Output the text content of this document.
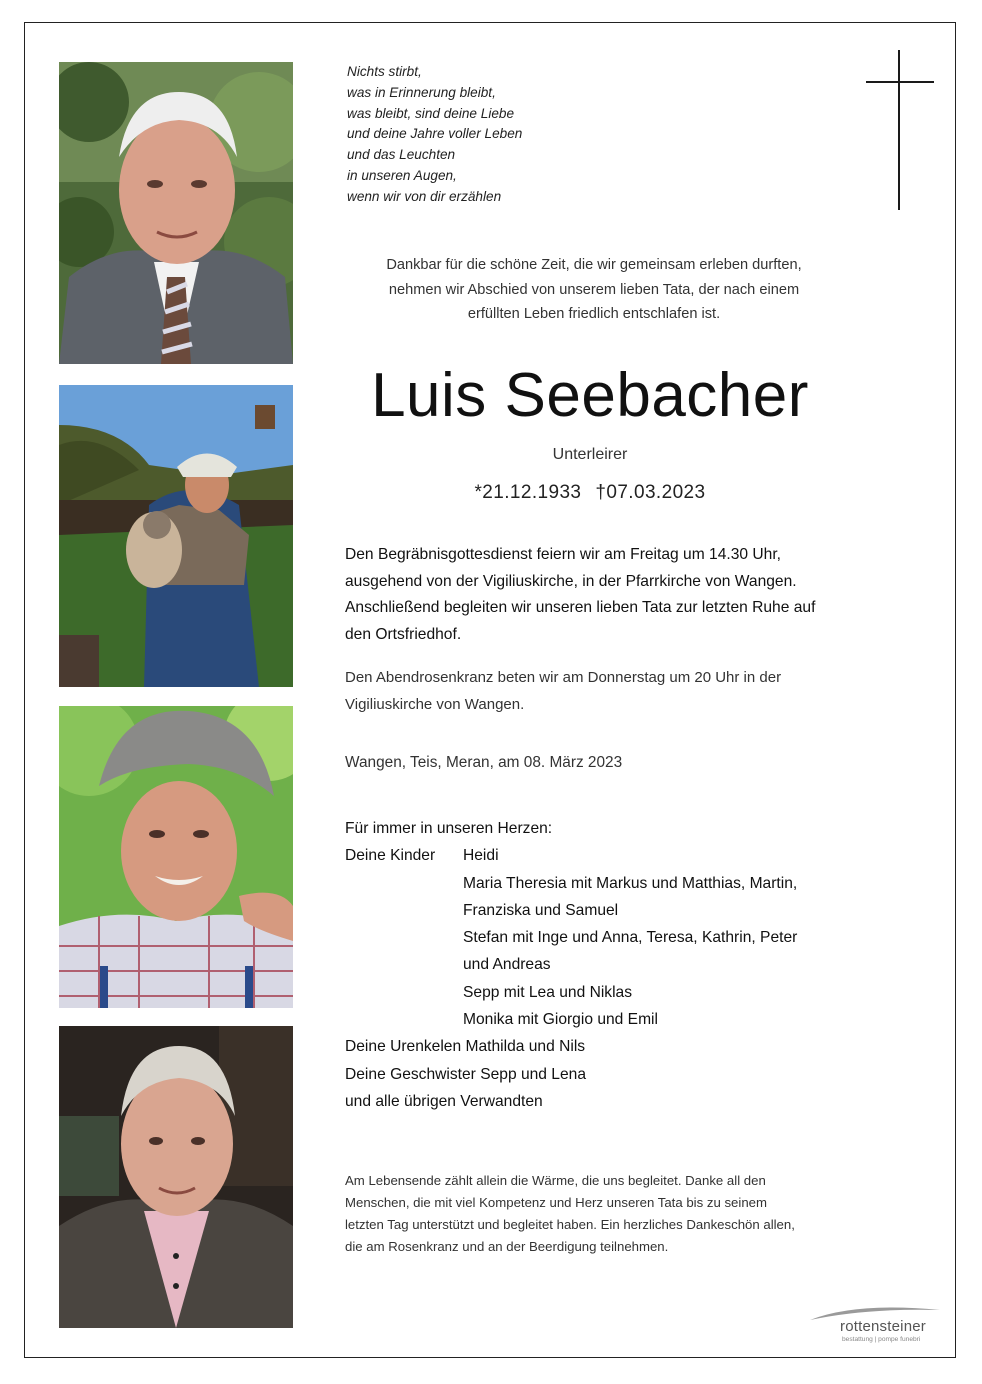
Nichts stirbt,
was in Erinnerung bleibt,
was bleibt, sind deine Liebe
und deine Jahre voller Leben
und das Leuchten
in unseren Augen,
wenn wir von dir erzählen
Dankbar für die schöne Zeit, die wir gemeinsam erleben durften,
nehmen wir Abschied von unserem lieben Tata, der nach einem
erfüllten Leben friedlich entschlafen ist.
Luis Seebacher
Unterleirer
*21.12.1933 †07.03.2023
Den Begräbnisgottesdienst feiern wir am Freitag um 14.30 Uhr,
ausgehend von der Vigiliuskirche, in der Pfarrkirche von Wangen.
Anschließend begleiten wir unseren lieben Tata zur letzten Ruhe auf
den Ortsfriedhof.
Den Abendrosenkranz beten wir am Donnerstag um 20 Uhr in der
Vigiliuskirche von Wangen.
Wangen, Teis, Meran, am 08. März 2023
Für immer in unseren Herzen:
Deine Kinder Heidi
Maria Theresia mit Markus und Matthias, Martin,
Franziska und Samuel
Stefan mit Inge und Anna, Teresa, Kathrin, Peter
und Andreas
Sepp mit Lea und Niklas
Monika mit Giorgio und Emil
Deine Urenkelen Mathilda und Nils
Deine Geschwister Sepp und Lena
und alle übrigen Verwandten
Am Lebensende zählt allein die Wärme, die uns begleitet. Danke all den
Menschen, die mit viel Kompetenz und Herz unseren Tata bis zu seinem
letzten Tag unterstützt und begleitet haben. Ein herzliches Dankeschön allen,
die am Rosenkranz und an der Beerdigung teilnehmen.
rottensteiner
bestattung | pompe funebri
